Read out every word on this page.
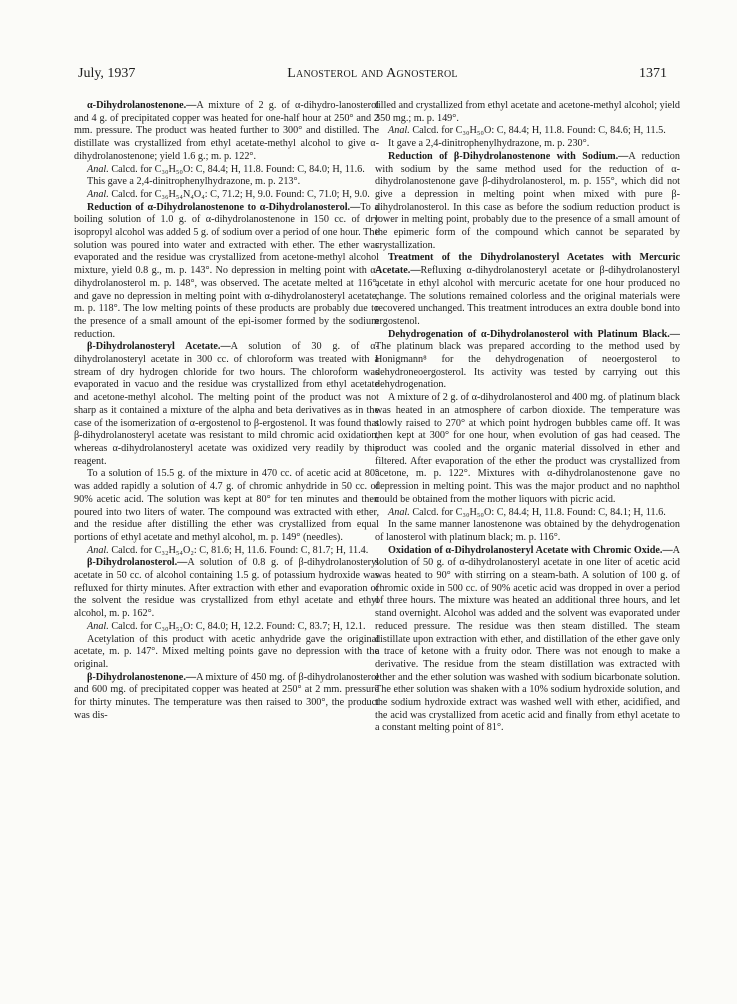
July, 1937	Lanosterol and Agnosterol	1371

α-Dihydrolanostenone.—A mixture of 2 g. of α-dihydro-lanosterol and 4 g. of precipitated copper was heated for one-half hour at 250° and 2 mm. pressure. The product was heated further to 300° and distilled. The distillate was crystallized from ethyl acetate-methyl alcohol to give α-dihydrolanostenone; yield 1.6 g.; m. p. 122°.

Anal. Calcd. for C₃₀H₅₀O: C, 84.4; H, 11.8. Found: C, 84.0; H, 11.6.

This gave a 2,4-dinitrophenylhydrazone, m. p. 213°.

Anal. Calcd. for C₃₆H₅₄N₄O₄: C, 71.2; H, 9.0. Found: C, 71.0; H, 9.0.

Reduction of α-Dihydrolanostenone to α-Dihydrolanosterol.—To a boiling solution of 1.0 g. of α-dihydrolanostenone in 150 cc. of dry isopropyl alcohol was added 5 g. of sodium over a period of one hour. The solution was poured into water and extracted with ether. The ether was evaporated and the residue was crystallized from acetone-methyl alcohol mixture, yield 0.8 g., m. p. 143°. No depression in melting point with α-dihydrolanosterol m. p. 148°, was observed. The acetate melted at 116°, and gave no depression in melting point with α-dihydrolanosteryl acetate, m. p. 118°. The low melting points of these products are probably due to the presence of a small amount of the epi-isomer formed by the sodium reduction.

β-Dihydrolanosteryl Acetate.—A solution of 30 g. of α-dihydrolanosteryl acetate in 300 cc. of chloroform was treated with a stream of dry hydrogen chloride for two hours. The chloroform was evaporated in vacuo and the residue was crystallized from ethyl acetate and acetone-methyl alcohol. The melting point of the product was not sharp as it contained a mixture of the alpha and beta derivatives as in the case of the isomerization of α-ergostenol to β-ergostenol. It was found that β-dihydrolanosteryl acetate was resistant to mild chromic acid oxidation, whereas α-dihydrolanosteryl acetate was oxidized very readily by this reagent.

To a solution of 15.5 g. of the mixture in 470 cc. of acetic acid at 80° was added rapidly a solution of 4.7 g. of chromic anhydride in 50 cc. of 90% acetic acid. The solution was kept at 80° for ten minutes and then poured into two liters of water. The compound was extracted with ether, and the residue after distilling the ether was crystallized from equal portions of ethyl acetate and methyl alcohol, m. p. 149° (needles).

Anal. Calcd. for C₃₂H₅₄O₂: C, 81.6; H, 11.6. Found: C, 81.7; H, 11.4.

β-Dihydrolanosterol.—A solution of 0.8 g. of β-dihydrolanosteryl acetate in 50 cc. of alcohol containing 1.5 g. of potassium hydroxide was refluxed for thirty minutes. After extraction with ether and evaporation of the solvent the residue was crystallized from ethyl acetate and ethyl alcohol, m. p. 162°.

Anal. Calcd. for C₃₀H₅₂O: C, 84.0; H, 12.2. Found: C, 83.7; H, 12.1.

Acetylation of this product with acetic anhydride gave the original acetate, m. p. 147°. Mixed melting points gave no depression with the original.

β-Dihydrolanostenone.—A mixture of 450 mg. of β-dihydrolanosterol and 600 mg. of precipitated copper was heated at 250° at 2 mm. pressure for thirty minutes. The temperature was then raised to 300°, the product was dis-

tilled and crystallized from ethyl acetate and acetone-methyl alcohol; yield 350 mg.; m. p. 149°.

Anal. Calcd. for C₃₀H₅₀O: C, 84.4; H, 11.8. Found: C, 84.6; H, 11.5.

It gave a 2,4-dinitrophenylhydrazone, m. p. 230°.

Reduction of β-Dihydrolanostenone with Sodium.—A reduction with sodium by the same method used for the reduction of α-dihydrolanostenone gave β-dihydrolanosterol, m. p. 155°, which did not give a depression in melting point when mixed with pure β-dihydrolanosterol. In this case as before the sodium reduction product is lower in melting point, probably due to the presence of a small amount of the epimeric form of the compound which cannot be separated by crystallization.

Treatment of the Dihydrolanosteryl Acetates with Mercuric Acetate.—Refluxing α-dihydrolanosteryl acetate or β-dihydrolanosteryl acetate in ethyl alcohol with mercuric acetate for one hour produced no change. The solutions remained colorless and the original materials were recovered unchanged. This treatment introduces an extra double bond into ergostenol.

Dehydrogenation of α-Dihydrolanosterol with Platinum Black.—The platinum black was prepared according to the method used by Honigmann⁸ for the dehydrogenation of neoergosterol to dehydroneoergosterol. Its activity was tested by carrying out this dehydrogenation.

A mixture of 2 g. of α-dihydrolanosterol and 400 mg. of platinum black was heated in an atmosphere of carbon dioxide. The temperature was slowly raised to 270° at which point hydrogen bubbles came off. It was then kept at 300° for one hour, when evolution of gas had ceased. The product was cooled and the organic material dissolved in ether and filtered. After evaporation of the ether the product was crystallized from acetone, m. p. 122°. Mixtures with α-dihydrolanostenone gave no depression in melting point. This was the major product and no naphthol could be obtained from the mother liquors with picric acid.

Anal. Calcd. for C₃₀H₅₀O: C, 84.4; H, 11.8. Found: C, 84.1; H, 11.6.

In the same manner lanostenone was obtained by the dehydrogenation of lanosterol with platinum black; m. p. 116°.

Oxidation of α-Dihydrolanosteryl Acetate with Chromic Oxide.—A solution of 50 g. of α-dihydrolanosteryl acetate in one liter of acetic acid was heated to 90° with stirring on a steam-bath. A solution of 100 g. of chromic oxide in 500 cc. of 90% acetic acid was dropped in over a period of three hours. The mixture was heated an additional three hours, and let stand overnight. Alcohol was added and the solvent was evaporated under reduced pressure. The residue was then steam distilled. The steam distillate upon extraction with ether, and distillation of the ether gave only a trace of ketone with a fruity odor. There was not enough to make a derivative. The residue from the steam distillation was extracted with ether and the ether solution was washed with sodium bicarbonate solution. The ether solution was shaken with a 10% sodium hydroxide solution, and the sodium hydroxide extract was washed well with ether, acidified, and the acid was crystallized from acetic acid and finally from ethyl acetate to a constant melting point of 81°.
